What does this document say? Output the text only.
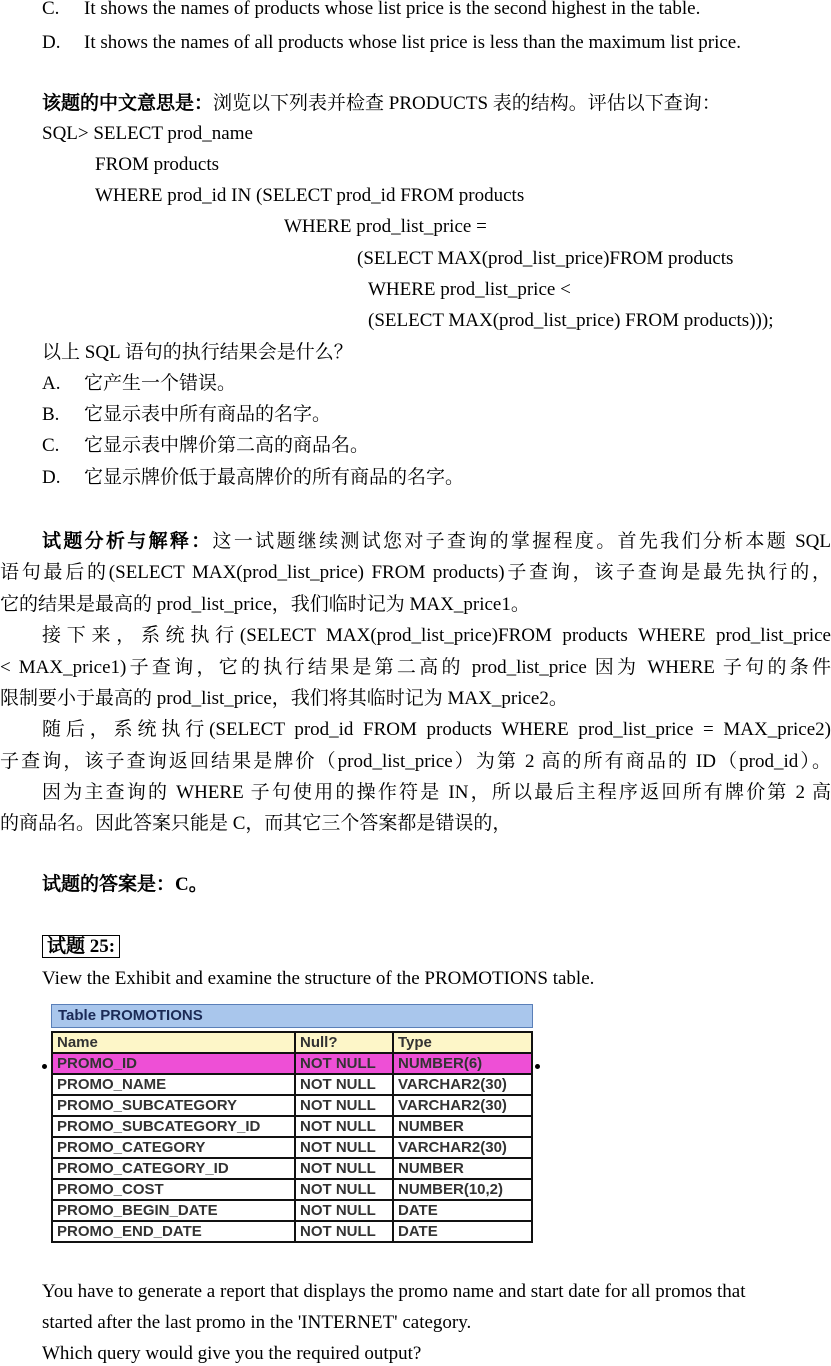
C. It shows the names of products whose list price is the second highest in the table.
D. It shows the names of all products whose list price is less than the maximum list price.
该题的中文意思是：浏览以下列表并检查 PRODUCTS 表的结构。评估以下查询：
SQL> SELECT prod_name
FROM products
WHERE prod_id IN (SELECT prod_id FROM products
WHERE prod_list_price =
(SELECT MAX(prod_list_price)FROM products
WHERE prod_list_price <
(SELECT MAX(prod_list_price) FROM products)));
以上 SQL 语句的执行结果会是什么？
A. 它产生一个错误。
B. 它显示表中所有商品的名字。
C. 它显示表中牌价第二高的商品名。
D. 它显示牌价低于最高牌价的所有商品的名字。
试题分析与解释：这一试题继续测试您对子查询的掌握程度。首先我们分析本题 SQL
语句最后的(SELECT MAX(prod_list_price) FROM products)子查询，该子查询是最先执行的，
它的结果是最高的 prod_list_price，我们临时记为 MAX_price1。
接下来，系统执行(SELECT MAX(prod_list_price)FROM products WHERE prod_list_price
< MAX_price1)子查询，它的执行结果是第二高的 prod_list_price 因为 WHERE 子句的条件
限制要小于最高的 prod_list_price，我们将其临时记为 MAX_price2。
随后，系统执行(SELECT prod_id FROM products WHERE prod_list_price = MAX_price2)
子查询，该子查询返回结果是牌价（prod_list_price）为第 2 高的所有商品的 ID（prod_id）。
因为主查询的 WHERE 子句使用的操作符是 IN，所以最后主程序返回所有牌价第 2 高
的商品名。因此答案只能是 C，而其它三个答案都是错误的，
试题的答案是：C。
试题 25:
View the Exhibit and examine the structure of the PROMOTIONS table.
Table PROMOTIONS
Name	Null?	Type
PROMO_ID	NOT NULL	NUMBER(6)
PROMO_NAME	NOT NULL	VARCHAR2(30)
PROMO_SUBCATEGORY	NOT NULL	VARCHAR2(30)
PROMO_SUBCATEGORY_ID	NOT NULL	NUMBER
PROMO_CATEGORY	NOT NULL	VARCHAR2(30)
PROMO_CATEGORY_ID	NOT NULL	NUMBER
PROMO_COST	NOT NULL	NUMBER(10,2)
PROMO_BEGIN_DATE	NOT NULL	DATE
PROMO_END_DATE	NOT NULL	DATE
You have to generate a report that displays the promo name and start date for all promos that
started after the last promo in the 'INTERNET' category.
Which query would give you the required output?
